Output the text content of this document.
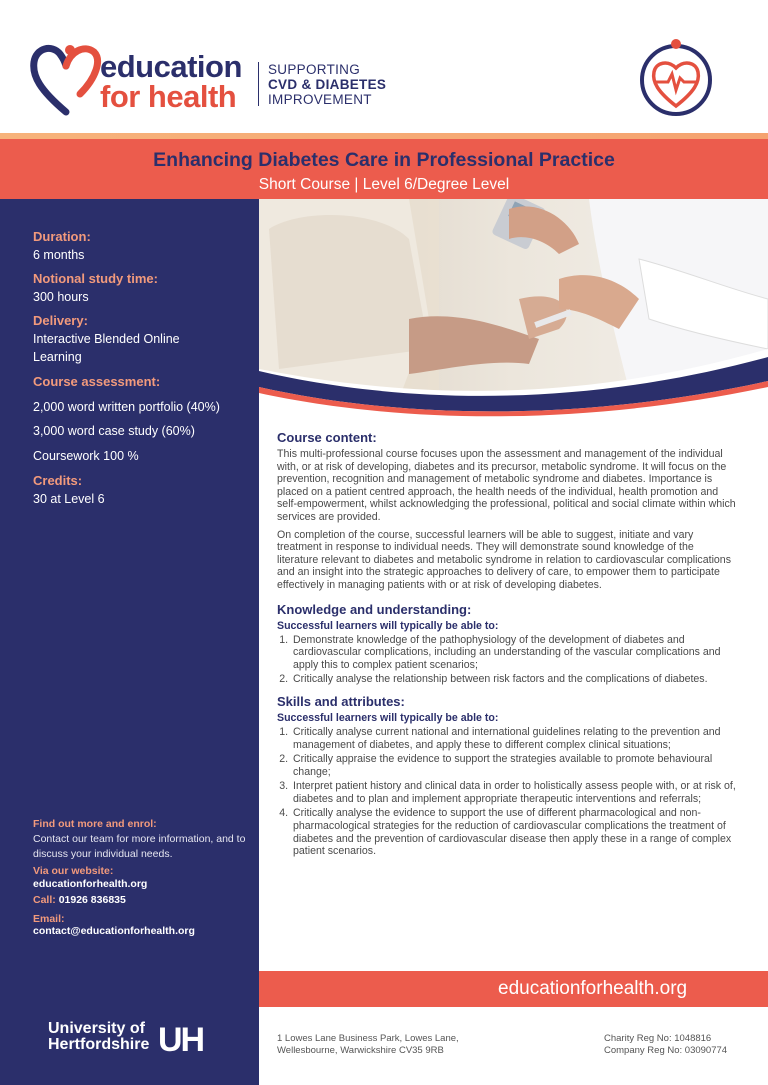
education
for health
SUPPORTING
CVD & DIABETES
IMPROVEMENT
Enhancing Diabetes Care in Professional Practice
Short Course | Level 6/Degree Level
Duration:
6 months
Notional study time:
300 hours
Delivery:
Interactive Blended Online Learning
Course assessment:
2,000 word written portfolio (40%)
3,000 word case study (60%)
Coursework 100 %
Credits:
30 at Level 6
Find out more and enrol:
Contact our team for more information, and to discuss your individual needs.
Via our website:
educationforhealth.org
Call: 01926 836835
Email:
contact@educationforhealth.org
Course content:
This multi-professional course focuses upon the assessment and management of the individual with, or at risk of developing, diabetes and its precursor, metabolic syndrome. It will focus on the prevention, recognition and management of metabolic syndrome and diabetes. Importance is placed on a patient centred approach, the health needs of the individual, health promotion and self-empowerment, whilst acknowledging the professional, political and social climate within which services are provided.
On completion of the course, successful learners will be able to suggest, initiate and vary treatment in response to individual needs. They will demonstrate sound knowledge of the literature relevant to diabetes and metabolic syndrome in relation to cardiovascular complications and an insight into the strategic approaches to delivery of care, to empower them to participate effectively in managing patients with or at risk of developing diabetes.
Knowledge and understanding:
Successful learners will typically be able to:
1. Demonstrate knowledge of the pathophysiology of the development of diabetes and cardiovascular complications, including an understanding of the vascular complications and apply this to complex patient scenarios;
2. Critically analyse the relationship between risk factors and the complications of diabetes.
Skills and attributes:
Successful learners will typically be able to:
1. Critically analyse current national and international guidelines relating to the prevention and management of diabetes, and apply these to different complex clinical situations;
2. Critically appraise the evidence to support the strategies available to promote behavioural change;
3. Interpret patient history and clinical data in order to holistically assess people with, or at risk of, diabetes and to plan and implement appropriate therapeutic interventions and referrals;
4. Critically analyse the evidence to support the use of different pharmacological and non-pharmacological strategies for the reduction of cardiovascular complications the treatment of diabetes and the prevention of cardiovascular disease then apply these in a range of complex patient scenarios.
educationforhealth.org
University of
Hertfordshire UH	1 Lowes Lane Business Park, Lowes Lane,
Wellesbourne, Warwickshire CV35 9RB
Charity Reg No: 1048816
Company Reg No: 03090774
